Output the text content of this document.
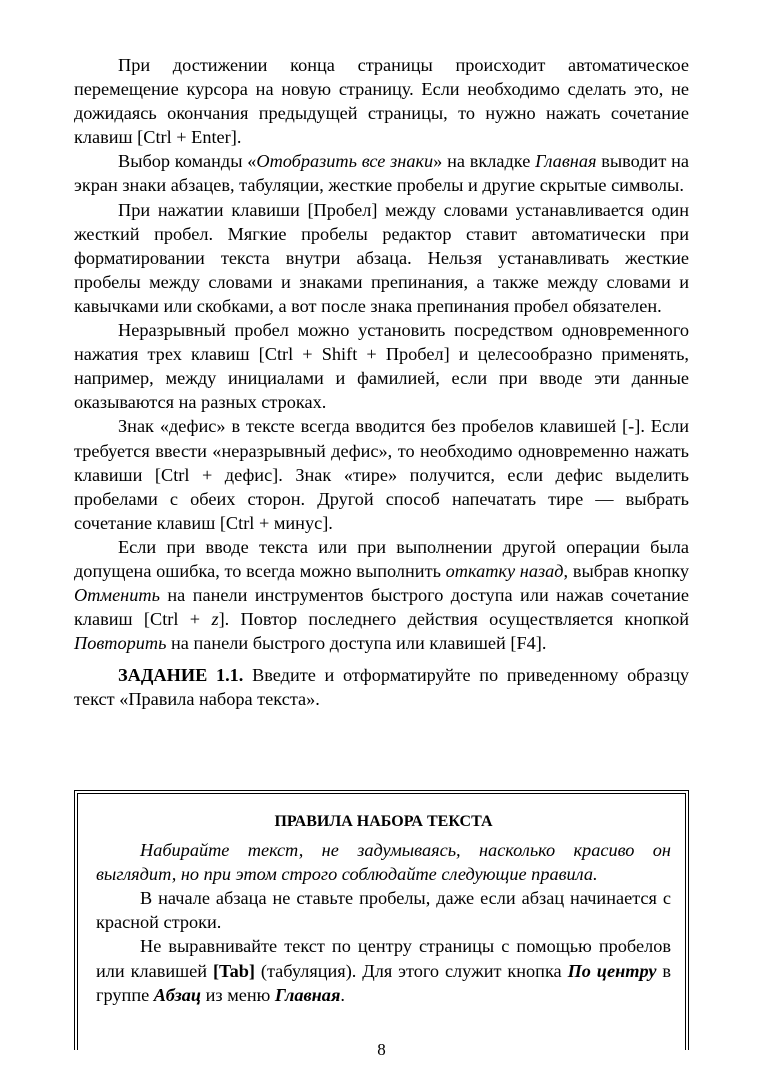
При достижении конца страницы происходит автоматическое перемещение курсора на новую страницу. Если необходимо сделать это, не дожидаясь окончания предыдущей страницы, то нужно нажать сочетание клавиш [Ctrl + Enter].

Выбор команды «Отобразить все знаки» на вкладке Главная выводит на экран знаки абзацев, табуляции, жесткие пробелы и другие скрытые символы.

При нажатии клавиши [Пробел] между словами устанавливается один жесткий пробел. Мягкие пробелы редактор ставит автоматически при форматировании текста внутри абзаца. Нельзя устанавливать жесткие пробелы между словами и знаками препинания, а также между словами и кавычками или скобками, а вот после знака препинания пробел обязателен.

Неразрывный пробел можно установить посредством одновременного нажатия трех клавиш [Ctrl + Shift + Пробел] и целесообразно применять, например, между инициалами и фамилией, если при вводе эти данные оказываются на разных строках.

Знак «дефис» в тексте всегда вводится без пробелов клавишей [-]. Если требуется ввести «неразрывный дефис», то необходимо одновременно нажать клавиши [Ctrl + дефис]. Знак «тире» получится, если дефис выделить пробелами с обеих сторон. Другой способ напечатать тире — выбрать сочетание клавиш [Ctrl + минус].

Если при вводе текста или при выполнении другой операции была допущена ошибка, то всегда можно выполнить откатку назад, выбрав кнопку Отменить на панели инструментов быстрого доступа или нажав сочетание клавиш [Ctrl + z]. Повтор последнего действия осуществляется кнопкой Повторить на панели быстрого доступа или клавишей [F4].

ЗАДАНИЕ 1.1. Введите и отформатируйте по приведенному образцу текст «Правила набора текста».

ПРАВИЛА НАБОРА ТЕКСТА

Набирайте текст, не задумываясь, насколько красиво он выглядит, но при этом строго соблюдайте следующие правила.

В начале абзаца не ставьте пробелы, даже если абзац начинается с красной строки.

Не выравнивайте текст по центру страницы с помощью пробелов или клавишей [Tab] (табуляция). Для этого служит кнопка По центру в группе Абзац из меню Главная.

8
